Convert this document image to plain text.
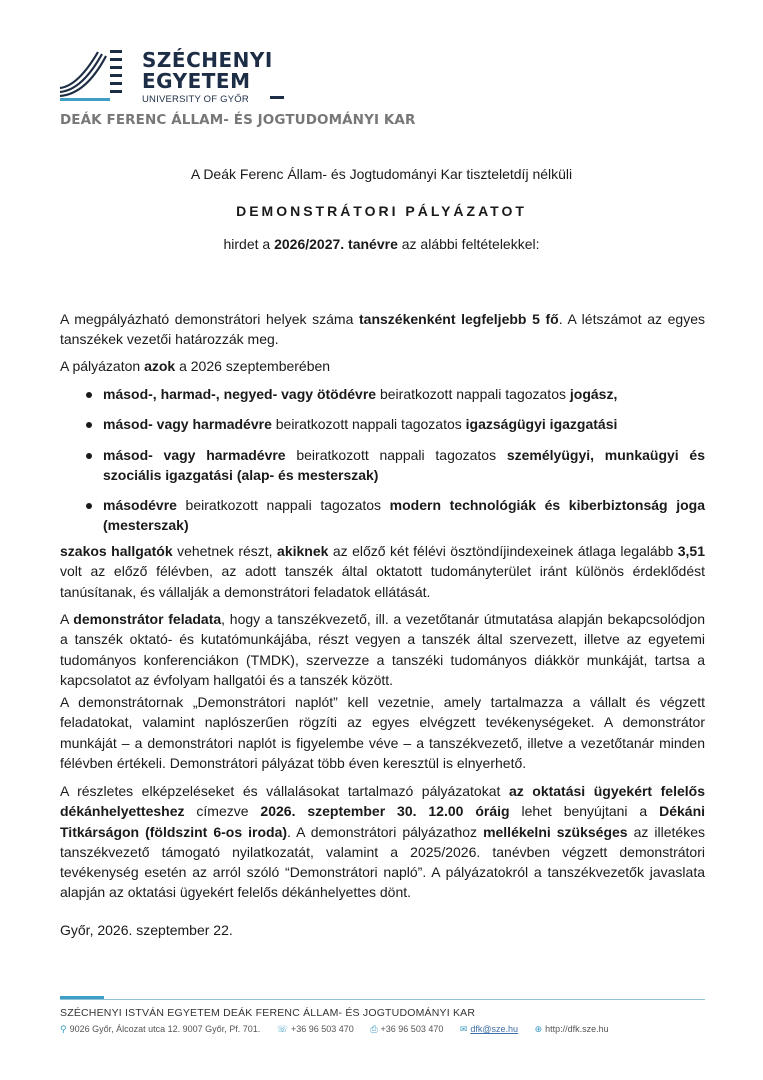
SZÉCHENYI
EGYETEM
UNIVERSITY OF GYŐR
DEÁK FERENC ÁLLAM- ÉS JOGTUDOMÁNYI KAR
A Deák Ferenc Állam- és Jogtudományi Kar tiszteletdíj nélküli
DEMONSTRÁTORI PÁLYÁZATOT
hirdet a 2026/2027. tanévre az alábbi feltételekkel:
A megpályázható demonstrátori helyek száma tanszékenként legfeljebb 5 fő. A létszámot az egyes tanszékek vezetői határozzák meg.
A pályázaton azok a 2026 szeptemberében
másod-, harmad-, negyed- vagy ötödévre beiratkozott nappali tagozatos jogász,
másod- vagy harmadévre beiratkozott nappali tagozatos igazságügyi igazgatási
másod- vagy harmadévre beiratkozott nappali tagozatos személyügyi, munkaügyi és szociális igazgatási (alap- és mesterszak)
másodévre beiratkozott nappali tagozatos modern technológiák és kiberbiztonság joga (mesterszak)
szakos hallgatók vehetnek részt, akiknek az előző két félévi ösztöndíjindexeinek átlaga legalább 3,51 volt az előző félévben, az adott tanszék által oktatott tudományterület iránt különös érdeklődést tanúsítanak, és vállalják a demonstrátori feladatok ellátását.
A demonstrátor feladata, hogy a tanszékvezető, ill. a vezetőtanár útmutatása alapján bekapcsolódjon a tanszék oktató- és kutatómunkájába, részt vegyen a tanszék által szervezett, illetve az egyetemi tudományos konferenciákon (TMDK), szervezze a tanszéki tudományos diákkör munkáját, tartsa a kapcsolatot az évfolyam hallgatói és a tanszék között.
A demonstrátornak „Demonstrátori naplót” kell vezetnie, amely tartalmazza a vállalt és végzett feladatokat, valamint naplószerűen rögzíti az egyes elvégzett tevékenységeket. A demonstrátor munkáját – a demonstrátori naplót is figyelembe véve – a tanszékvezető, illetve a vezetőtanár minden félévben értékeli. Demonstrátori pályázat több éven keresztül is elnyerhető.
A részletes elképzeléseket és vállalásokat tartalmazó pályázatokat az oktatási ügyekért felelős dékánhelyetteshez címezve 2026. szeptember 30. 12.00 óráig lehet benyújtani a Dékáni Titkárságon (földszint 6-os iroda). A demonstrátori pályázathoz mellékelni szükséges az illetékes tanszékvezető támogató nyilatkozatát, valamint a 2025/2026. tanévben végzett demonstrátori tevékenység esetén az arról szóló “Demonstrátori napló”. A pályázatokról a tanszékvezetők javaslata alapján az oktatási ügyekért felelős dékánhelyettes dönt.
Győr, 2026. szeptember 22.
SZÉCHENYI ISTVÁN EGYETEM DEÁK FERENC ÁLLAM- ÉS JOGTUDOMÁNYI KAR
⚲ 9026 Győr, Álcozat utca 12. 9007 Győr, Pf. 701. ☏ +36 96 503 470 ⎙ +36 96 503 470 ✉ dfk@sze.hu ⊕ http://dfk.sze.hu
